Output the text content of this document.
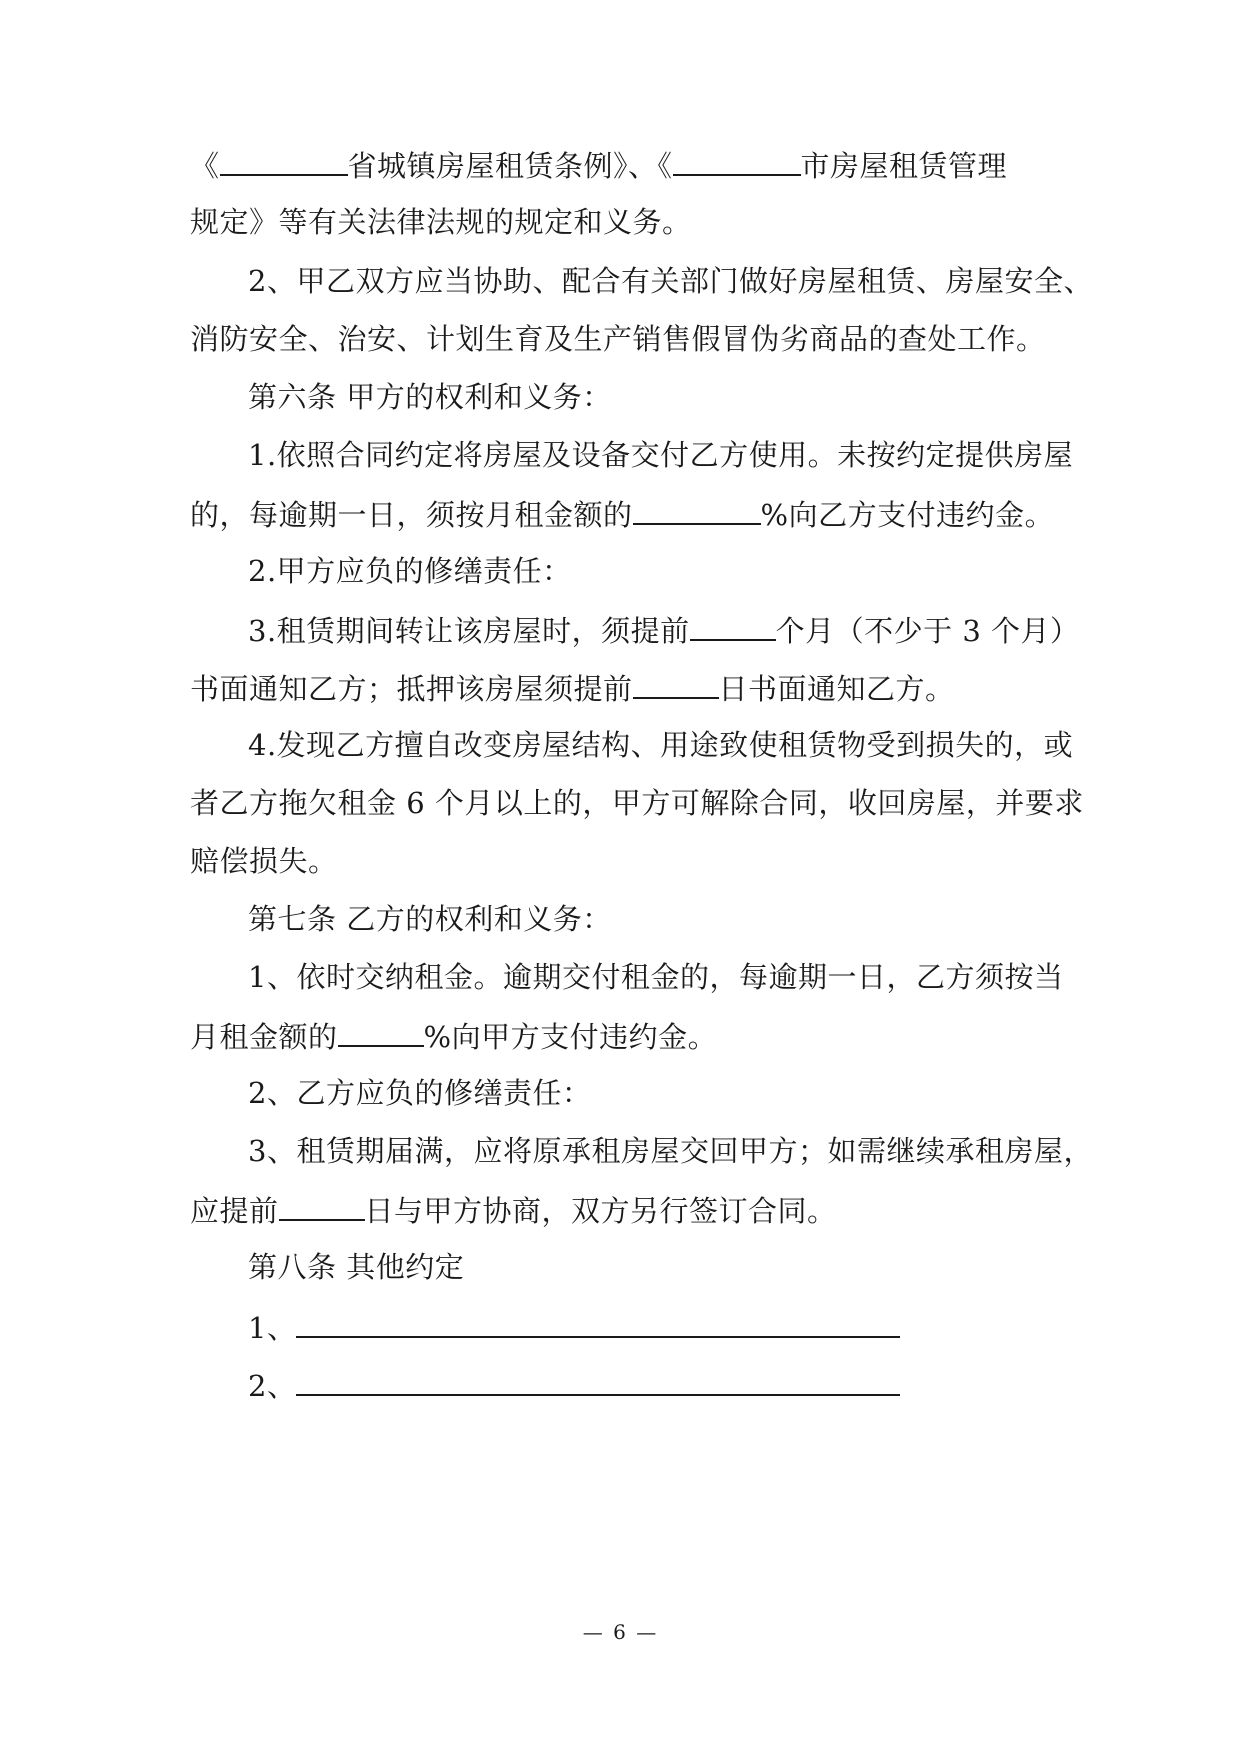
《	省城镇房屋租赁条例》、《	市房屋租赁管理
规定》等有关法律法规的规定和义务。
2、甲乙双方应当协助、配合有关部门做好房屋租赁、房屋安全、
消防安全、治安、计划生育及生产销售假冒伪劣商品的查处工作。
第六条 甲方的权利和义务：
1.依照合同约定将房屋及设备交付乙方使用。未按约定提供房屋
的，每逾期一日，须按月租金额的	%向乙方支付违约金。
2.甲方应负的修缮责任：
3.租赁期间转让该房屋时，须提前	个月（不少于 3 个月）
书面通知乙方；抵押该房屋须提前	日书面通知乙方。
4.发现乙方擅自改变房屋结构、用途致使租赁物受到损失的，或
者乙方拖欠租金 6 个月以上的，甲方可解除合同，收回房屋，并要求
赔偿损失。
第七条 乙方的权利和义务：
1、依时交纳租金。逾期交付租金的，每逾期一日，乙方须按当
月租金额的	%向甲方支付违约金。
2、乙方应负的修缮责任：
3、租赁期届满，应将原承租房屋交回甲方；如需继续承租房屋，
应提前	日与甲方协商，双方另行签订合同。
第八条 其他约定
1、
2、
— 6 —
